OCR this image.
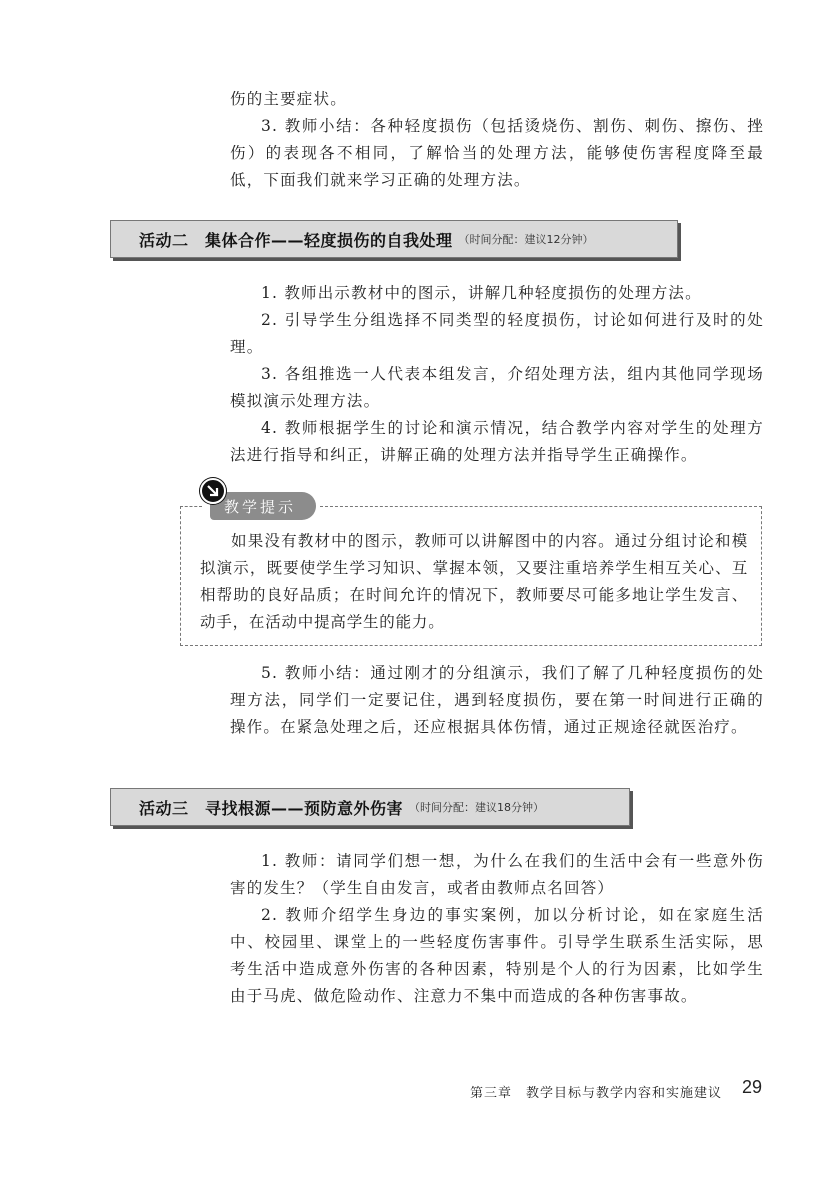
伤的主要症状。

3. 教师小结：各种轻度损伤（包括烫烧伤、割伤、刺伤、擦伤、挫伤）的表现各不相同，了解恰当的处理方法，能够使伤害程度降至最低，下面我们就来学习正确的处理方法。

活动二　集体合作——轻度损伤的自我处理 （时间分配：建议12分钟）

1. 教师出示教材中的图示，讲解几种轻度损伤的处理方法。

2. 引导学生分组选择不同类型的轻度损伤，讨论如何进行及时的处理。

3. 各组推选一人代表本组发言，介绍处理方法，组内其他同学现场模拟演示处理方法。

4. 教师根据学生的讨论和演示情况，结合教学内容对学生的处理方法进行指导和纠正，讲解正确的处理方法并指导学生正确操作。

教学提示

如果没有教材中的图示，教师可以讲解图中的内容。通过分组讨论和模拟演示，既要使学生学习知识、掌握本领，又要注重培养学生相互关心、互相帮助的良好品质；在时间允许的情况下，教师要尽可能多地让学生发言、动手，在活动中提高学生的能力。

5. 教师小结：通过刚才的分组演示，我们了解了几种轻度损伤的处理方法，同学们一定要记住，遇到轻度损伤，要在第一时间进行正确的操作。在紧急处理之后，还应根据具体伤情，通过正规途径就医治疗。

活动三　寻找根源——预防意外伤害 （时间分配：建议18分钟）

1. 教师：请同学们想一想，为什么在我们的生活中会有一些意外伤害的发生？（学生自由发言，或者由教师点名回答）

2. 教师介绍学生身边的事实案例，加以分析讨论，如在家庭生活中、校园里、课堂上的一些轻度伤害事件。引导学生联系生活实际，思考生活中造成意外伤害的各种因素，特别是个人的行为因素，比如学生由于马虎、做危险动作、注意力不集中而造成的各种伤害事故。

第三章　教学目标与教学内容和实施建议 29
